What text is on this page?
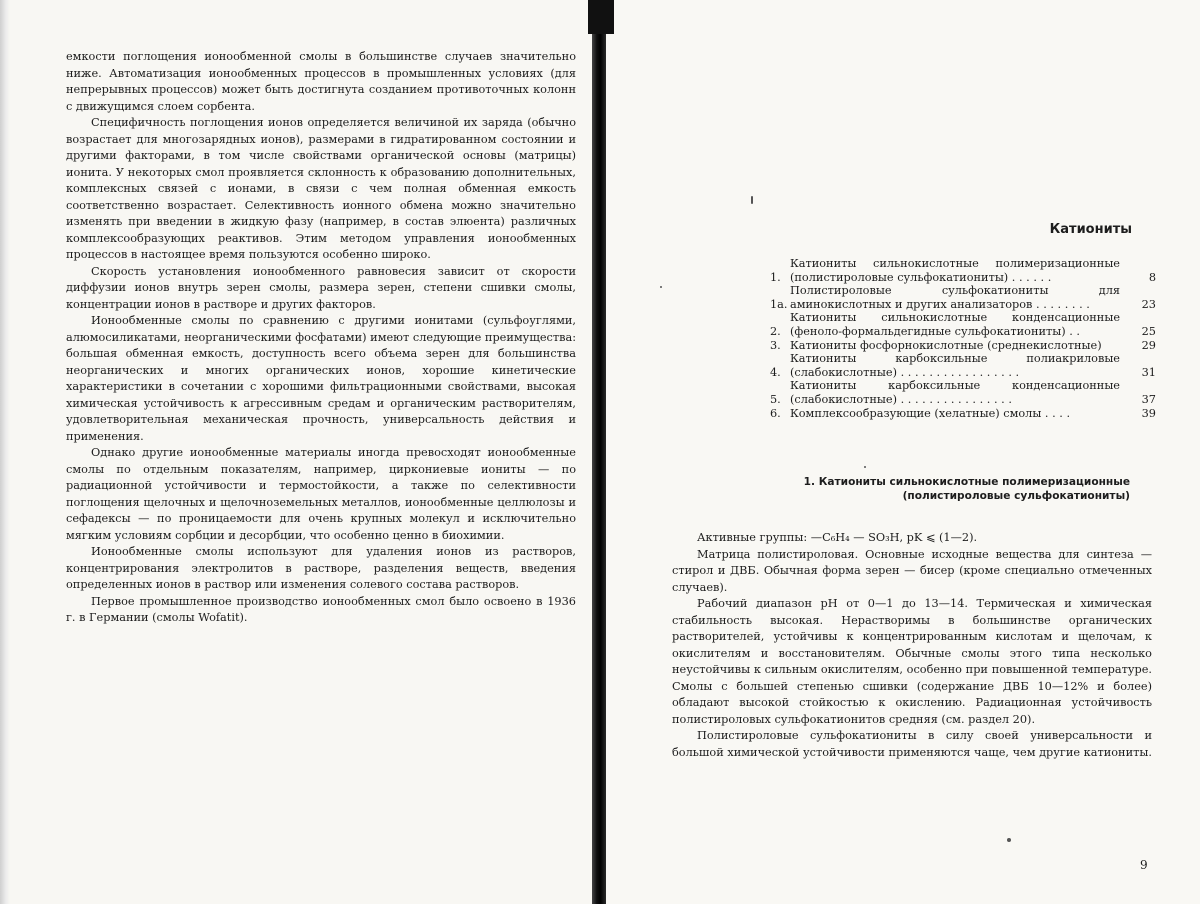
емкости поглощения ионообменной смолы в большинстве случаев значительно ниже. Автоматизация ионообменных процессов в промышленных условиях (для непрерывных процессов) может быть достигнута созданием противоточных колонн с движущимся слоем сорбента.

Специфичность поглощения ионов определяется величиной их заряда (обычно возрастает для многозарядных ионов), размерами в гидратированном состоянии и другими факторами, в том числе свойствами органической основы (матрицы) ионита. У некоторых смол проявляется склонность к образованию дополнительных, комплексных связей с ионами, в связи с чем полная обменная емкость соответственно возрастает. Селективность ионного обмена можно значительно изменять при введении в жидкую фазу (например, в состав элюента) различных комплексообразующих реактивов. Этим методом управления ионообменных процессов в настоящее время пользуются особенно широко.

Скорость установления ионообменного равновесия зависит от скорости диффузии ионов внутрь зерен смолы, размера зерен, степени сшивки смолы, концентрации ионов в растворе и других факторов.

Ионообменные смолы по сравнению с другими ионитами (сульфоуглями, алюмосиликатами, неорганическими фосфатами) имеют следующие преимущества: большая обменная емкость, доступность всего объема зерен для большинства неорганических и многих органических ионов, хорошие кинетические характеристики в сочетании с хорошими фильтрационными свойствами, высокая химическая устойчивость к агрессивным средам и органическим растворителям, удовлетворительная механическая прочность, универсальность действия и применения.

Однако другие ионообменные материалы иногда превосходят ионообменные смолы по отдельным показателям, например, циркониевые иониты — по радиационной устойчивости и термостойкости, а также по селективности поглощения щелочных и щелочноземельных металлов, ионообменные целлюлозы и сефадексы — по проницаемости для очень крупных молекул и исключительно мягким условиям сорбции и десорбции, что особенно ценно в биохимии.

Ионообменные смолы используют для удаления ионов из растворов, концентрирования электролитов в растворе, разделения веществ, введения определенных ионов в раствор или изменения солевого состава растворов.

Первое промышленное производство ионообменных смол было освоено в 1936 г. в Германии (смолы Wofatit).

Катиониты
1.
Катиониты сильнокислотные полимеризационные (полистироловые сульфокатиониты) . . . . . .	8
1а.
Полистироловые сульфокатиониты для аминокислотных и других анализаторов . . . . . . . .	23
2.
Катиониты сильнокислотные конденсационные (феноло-формальдегидные сульфокатиониты) . .	25
3. Катиониты фосфорнокислотные (среднекислотные)	29
4.
Катиониты карбоксильные полиакриловые (слабокислотные) . . . . . . . . . . . . . . . . .	31
5.
Катиониты карбоксильные конденсационные (слабокислотные) . . . . . . . . . . . . . . . .	37
6. Комплексообразующие (хелатные) смолы . . . .	39
1. Катиониты сильнокислотные полимеризационные
(полистироловые сульфокатиониты)

Активные группы: —C₆H₄ — SO₃H, pK ⩽ (1—2).

Матрица полистироловая. Основные исходные вещества для синтеза — стирол и ДВБ. Обычная форма зерен — бисер (кроме специально отмеченных случаев).

Рабочий диапазон pH от 0—1 до 13—14. Термическая и химическая стабильность высокая. Нерастворимы в большинстве органических растворителей, устойчивы к концентрированным кислотам и щелочам, к окислителям и восстановителям. Обычные смолы этого типа несколько неустойчивы к сильным окислителям, особенно при повышенной температуре. Смолы с большей степенью сшивки (содержание ДВБ 10—12% и более) обладают высокой стойкостью к окислению. Радиационная устойчивость полистироловых сульфокатионитов средняя (см. раздел 20).

Полистироловые сульфокатиониты в силу своей универсальности и большой химической устойчивости применяются чаще, чем другие катиониты.

9
